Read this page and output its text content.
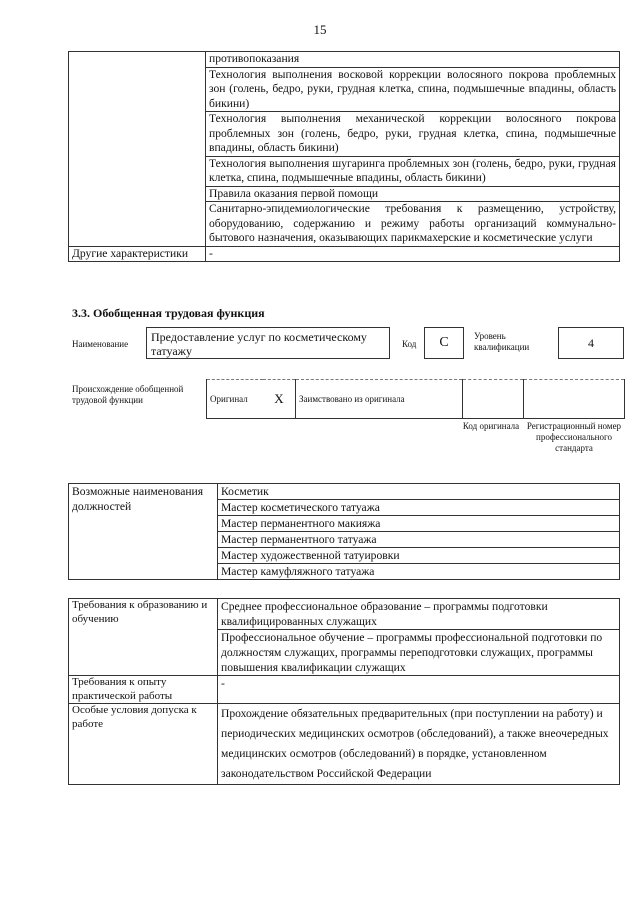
15
	противопоказания
	Технология выполнения восковой коррекции волосяного покрова проблемных зон (голень, бедро, руки, грудная клетка, спина, подмышечные впадины, область бикини)
	Технология выполнения механической коррекции волосяного покрова проблемных зон (голень, бедро, руки, грудная клетка, спина, подмышечные впадины, область бикини)
	Технология выполнения шугаринга проблемных зон (голень, бедро, руки, грудная клетка, спина, подмышечные впадины, область бикини)
	Правила оказания первой помощи
	Санитарно-эпидемиологические требования к размещению, устройству, оборудованию, содержанию и режиму работы организаций коммунально-бытового назначения, оказывающих парикмахерские и косметические услуги
Другие характеристики	-
3.3. Обобщенная трудовая функция
Наименование	Предоставление услуг по косметическому татуажу	Код	C	Уровень квалификации	4
Происхождение обобщенной трудовой функции	Оригинал	X	Заимствовано из оригинала		
Код оригинала Регистрационный номер профессионального стандарта
Возможные наименования должностей	Косметик
Мастер косметического татуажа
Мастер перманентного макияжа
Мастер перманентного татуажа
Мастер художественной татуировки
Мастер камуфляжного татуажа
Требования к образованию и обучению	Среднее профессиональное образование – программы подготовки квалифицированных служащих
	Профессиональное обучение – программы профессиональной подготовки по должностям служащих, программы переподготовки служащих, программы повышения квалификации служащих
Требования к опыту практической работы	-
Особые условия допуска к работе	Прохождение обязательных предварительных (при поступлении на работу) и периодических медицинских осмотров (обследований), а также внеочередных медицинских осмотров (обследований) в порядке, установленном законодательством Российской Федерации
